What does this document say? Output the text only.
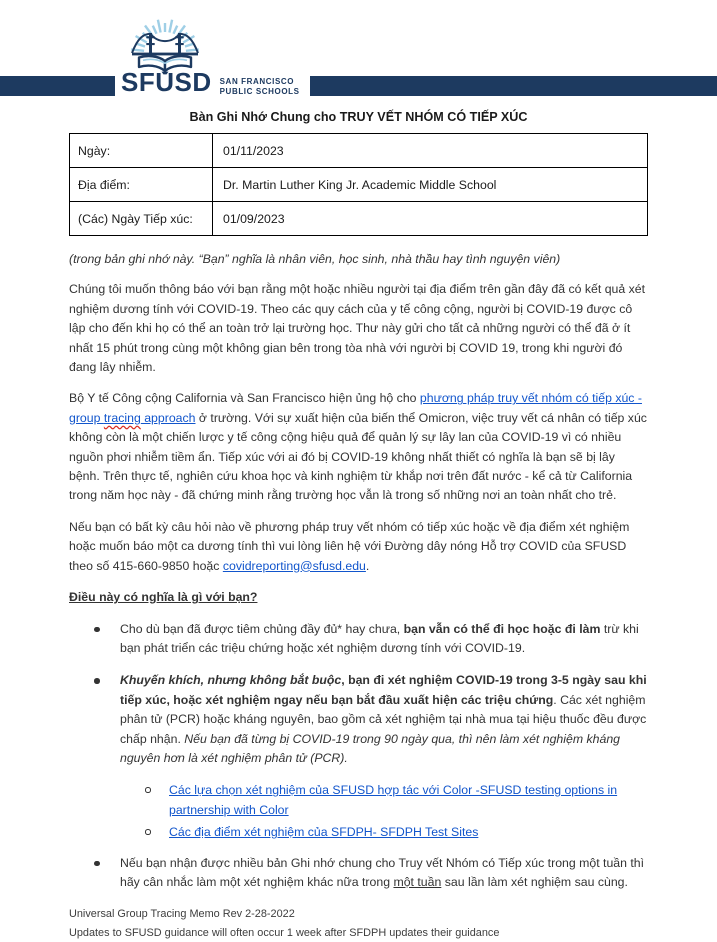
SFUSD SAN FRANCISCO
PUBLIC SCHOOLS
Bàn Ghi Nhớ Chung cho TRUY VẾT NHÓM CÓ TIẾP XÚC
Ngày:	01/11/2023
Địa điểm:	Dr. Martin Luther King Jr. Academic Middle School
(Các) Ngày Tiếp xúc:	01/09/2023
(trong bản ghi nhớ này. “Bạn” nghĩa là nhân viên, học sinh, nhà thầu hay tình nguyện viên)
Chúng tôi muốn thông báo với bạn rằng một hoặc nhiều người tại địa điểm trên gần đây đã có kết quả xét nghiệm dương tính với COVID-19. Theo các quy cách của y tế công cộng, người bị COVID-19 được cô lập cho đến khi họ có thể an toàn trở lại trường học. Thư này gửi cho tất cả những người có thể đã ở ít nhất 15 phút trong cùng một không gian bên trong tòa nhà với người bị COVID 19, trong khi người đó đang lây nhiễm.
Bộ Y tế Công cộng California và San Francisco hiện ủng hộ cho phương pháp truy vết nhóm có tiếp xúc - group tracing approach ở trường. Với sự xuất hiện của biến thể Omicron, việc truy vết cá nhân có tiếp xúc không còn là một chiến lược y tế công cộng hiệu quả để quản lý sự lây lan của COVID-19 vì có nhiều nguồn phơi nhiễm tiềm ẩn. Tiếp xúc với ai đó bị COVID-19 không nhất thiết có nghĩa là bạn sẽ bị lây bệnh. Trên thực tế, nghiên cứu khoa học và kinh nghiệm từ khắp nơi trên đất nước - kể cả từ California trong năm học này - đã chứng minh rằng trường học vẫn là trong số những nơi an toàn nhất cho trẻ.
Nếu bạn có bất kỳ câu hỏi nào về phương pháp truy vết nhóm có tiếp xúc hoặc về địa điểm xét nghiệm hoặc muốn báo một ca dương tính thì vui lòng liên hệ với Đường dây nóng Hỗ trợ COVID của SFUSD theo số 415-660-9850 hoặc covidreporting@sfusd.edu.
Điều này có nghĩa là gì với bạn?
Cho dù bạn đã được tiêm chủng đầy đủ* hay chưa, bạn vẫn có thể đi học hoặc đi làm trừ khi bạn phát triển các triệu chứng hoặc xét nghiệm dương tính với COVID-19.
Khuyến khích, nhưng không bắt buộc, bạn đi xét nghiệm COVID-19 trong 3-5 ngày sau khi tiếp xúc, hoặc xét nghiệm ngay nếu bạn bắt đầu xuất hiện các triệu chứng. Các xét nghiệm phân tử (PCR) hoặc kháng nguyên, bao gồm cả xét nghiệm tại nhà mua tại hiệu thuốc đều được chấp nhận. Nếu bạn đã từng bị COVID-19 trong 90 ngày qua, thì nên làm xét nghiệm kháng nguyên hơn là xét nghiệm phân tử (PCR).
Các lựa chọn xét nghiệm của SFUSD hợp tác với Color -SFUSD testing options in partnership with Color
Các địa điểm xét nghiệm của SFDPH- SFDPH Test Sites
Nếu bạn nhận được nhiều bản Ghi nhớ chung cho Truy vết Nhóm có Tiếp xúc trong một tuần thì hãy cân nhắc làm một xét nghiệm khác nữa trong một tuần sau lần làm xét nghiệm sau cùng.
Universal Group Tracing Memo Rev 2-28-2022
Updates to SFUSD guidance will often occur 1 week after SFDPH updates their guidance
